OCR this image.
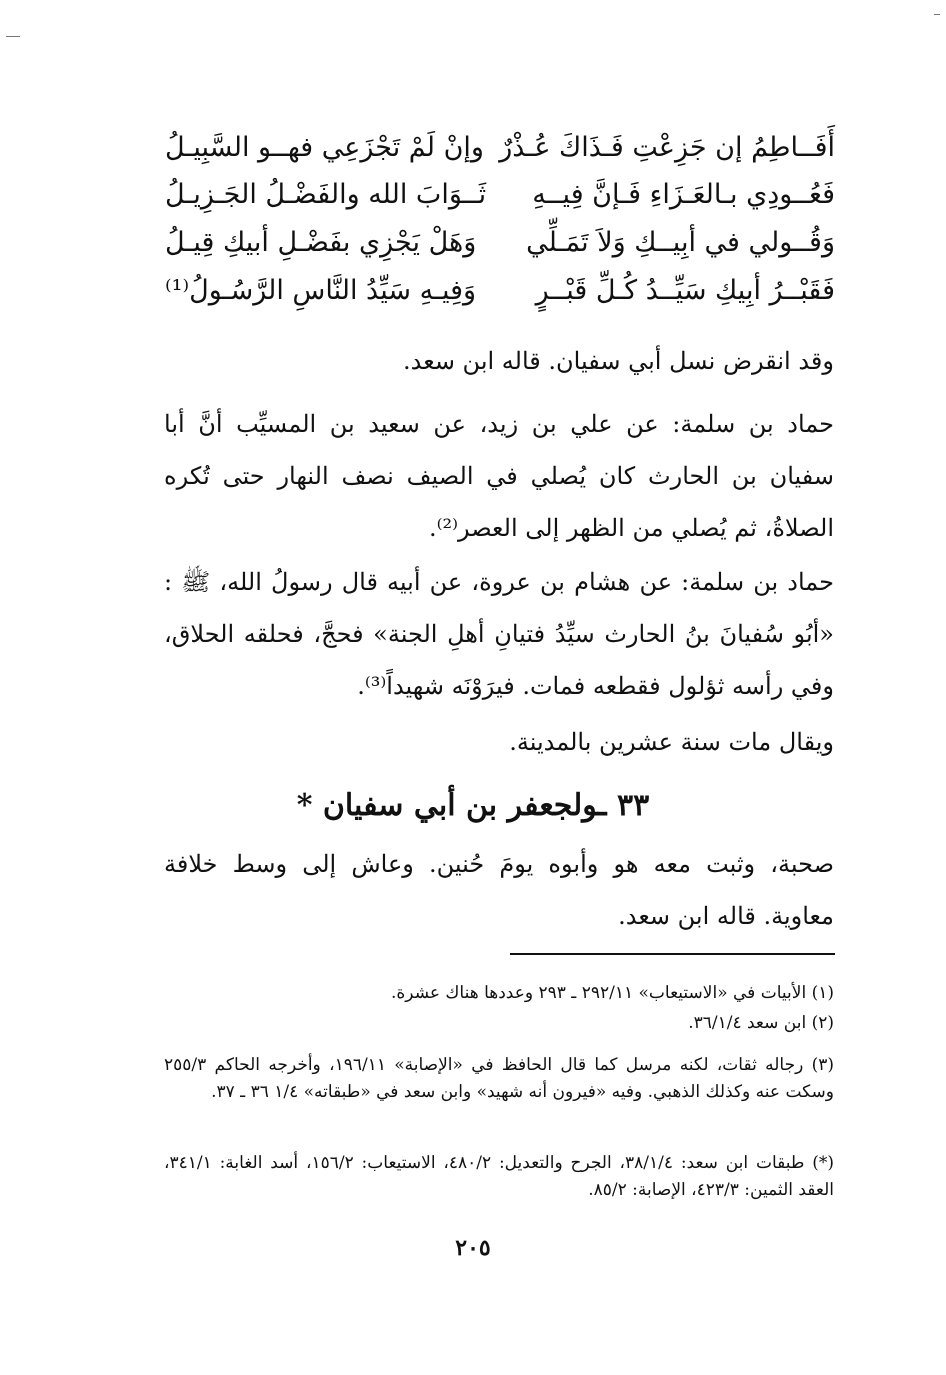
أَفَــاطِمُ إن جَزِعْتِ فَـذَاكَ عُـذْرٌ
وإنْ لَمْ تَجْزَعِي فهــو السَّبِيـلُ
فَعُــودِي بـالعَـزَاءِ فَـإنَّ فِيــهِ
ثَــوَابَ الله والفَضْـلُ الجَـزِيـلُ
وَقُــولي في أبِيــكِ وَلاَ تَمَـلِّي
وَهَلْ يَجْزِي بفَضْـلِ أبيكِ قِيـلُ
فَقَبْــرُ أبِيكِ سَيِّــدُ كُـلِّ قَبْــرٍ
وَفِيـهِ سَيِّدُ النَّاسِ الرَّسُـولُ⁽¹⁾

وقد انقرض نسل أبي سفيان. قاله ابن سعد.

حماد بن سلمة: عن علي بن زيد، عن سعيد بن المسيِّب أنَّ أبا سفيان بن الحارث كان يُصلي في الصيف نصف النهار حتى تُكره الصلاةُ، ثم يُصلي من الظهر إلى العصر⁽²⁾.

حماد بن سلمة: عن هشام بن عروة، عن أبيه قال رسولُ الله، ﷺ : «أبُو سُفيانَ بنُ الحارث سيِّدُ فتيانِ أهلِ الجنة» فحجَّ، فحلقه الحلاق، وفي رأسه ثؤلول فقطعه فمات. فيرَوْنَه شهيداً⁽³⁾.

ويقال مات سنة عشرين بالمدينة.

٣٣ ـولجعفر بن أبي سفيان *

صحبة، وثبت معه هو وأبوه يومَ حُنين. وعاش إلى وسط خلافة معاوية. قاله ابن سعد.

(١) الأبيات في «الاستيعاب» ٢٩٢/١١ ـ ٢٩٣ وعددها هناك عشرة.

(٢) ابن سعد ٣٦/١/٤.

(٣) رجاله ثقات، لكنه مرسل كما قال الحافظ في «الإصابة» ١٩٦/١١، وأخرجه الحاكم ٢٥٥/٣ وسكت عنه وكذلك الذهبي. وفيه «فيرون أنه شهيد» وابن سعد في «طبقاته» ١/٤ ٣٦ ـ ٣٧.

(*) طبقات ابن سعد: ٣٨/١/٤، الجرح والتعديل: ٤٨٠/٢، الاستيعاب: ١٥٦/٢، أسد الغابة: ٣٤١/١، العقد الثمين: ٤٢٣/٣، الإصابة: ٨٥/٢.

٢٠٥
